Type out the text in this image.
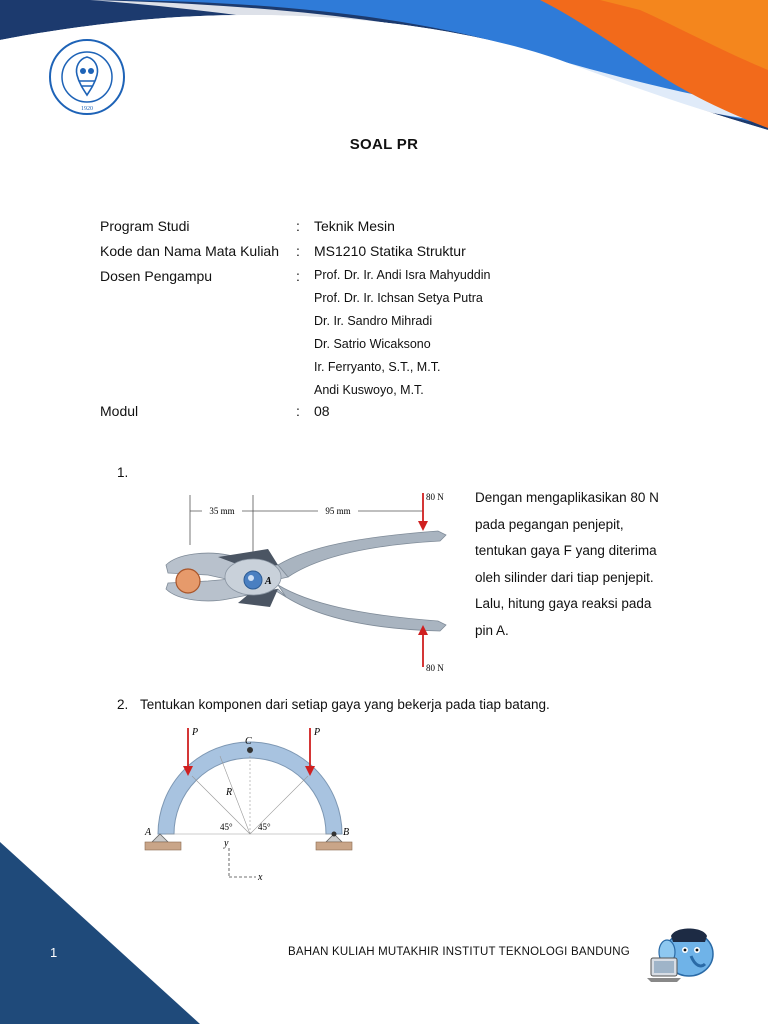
1920
SOAL PR
Program Studi	: Teknik Mesin
Kode dan Nama Mata Kuliah : MS1210 Statika Struktur
Dosen Pengampu	: Prof. Dr. Ir. Andi Isra Mahyuddin
Prof. Dr. Ir. Ichsan Setya Putra
Dr. Ir. Sandro Mihradi
Dr. Satrio Wicaksono
Ir. Ferryanto, S.T., M.T.
Andi Kuswoyo, M.T.
Modul	: 08
1.
35 mm	95 mm
A
80 N
80 N
Dengan mengaplikasikan 80 N
pada pegangan penjepit,
tentukan gaya F yang diterima
oleh silinder dari tiap penjepit.
Lalu, hitung gaya reaksi pada
pin A.
2. Tentukan komponen dari setiap gaya yang bekerja pada tiap batang.
R
45°	45°
C
P	P
A	B
y
x
1	BAHAN KULIAH MUTAKHIR INSTITUT TEKNOLOGI BANDUNG
